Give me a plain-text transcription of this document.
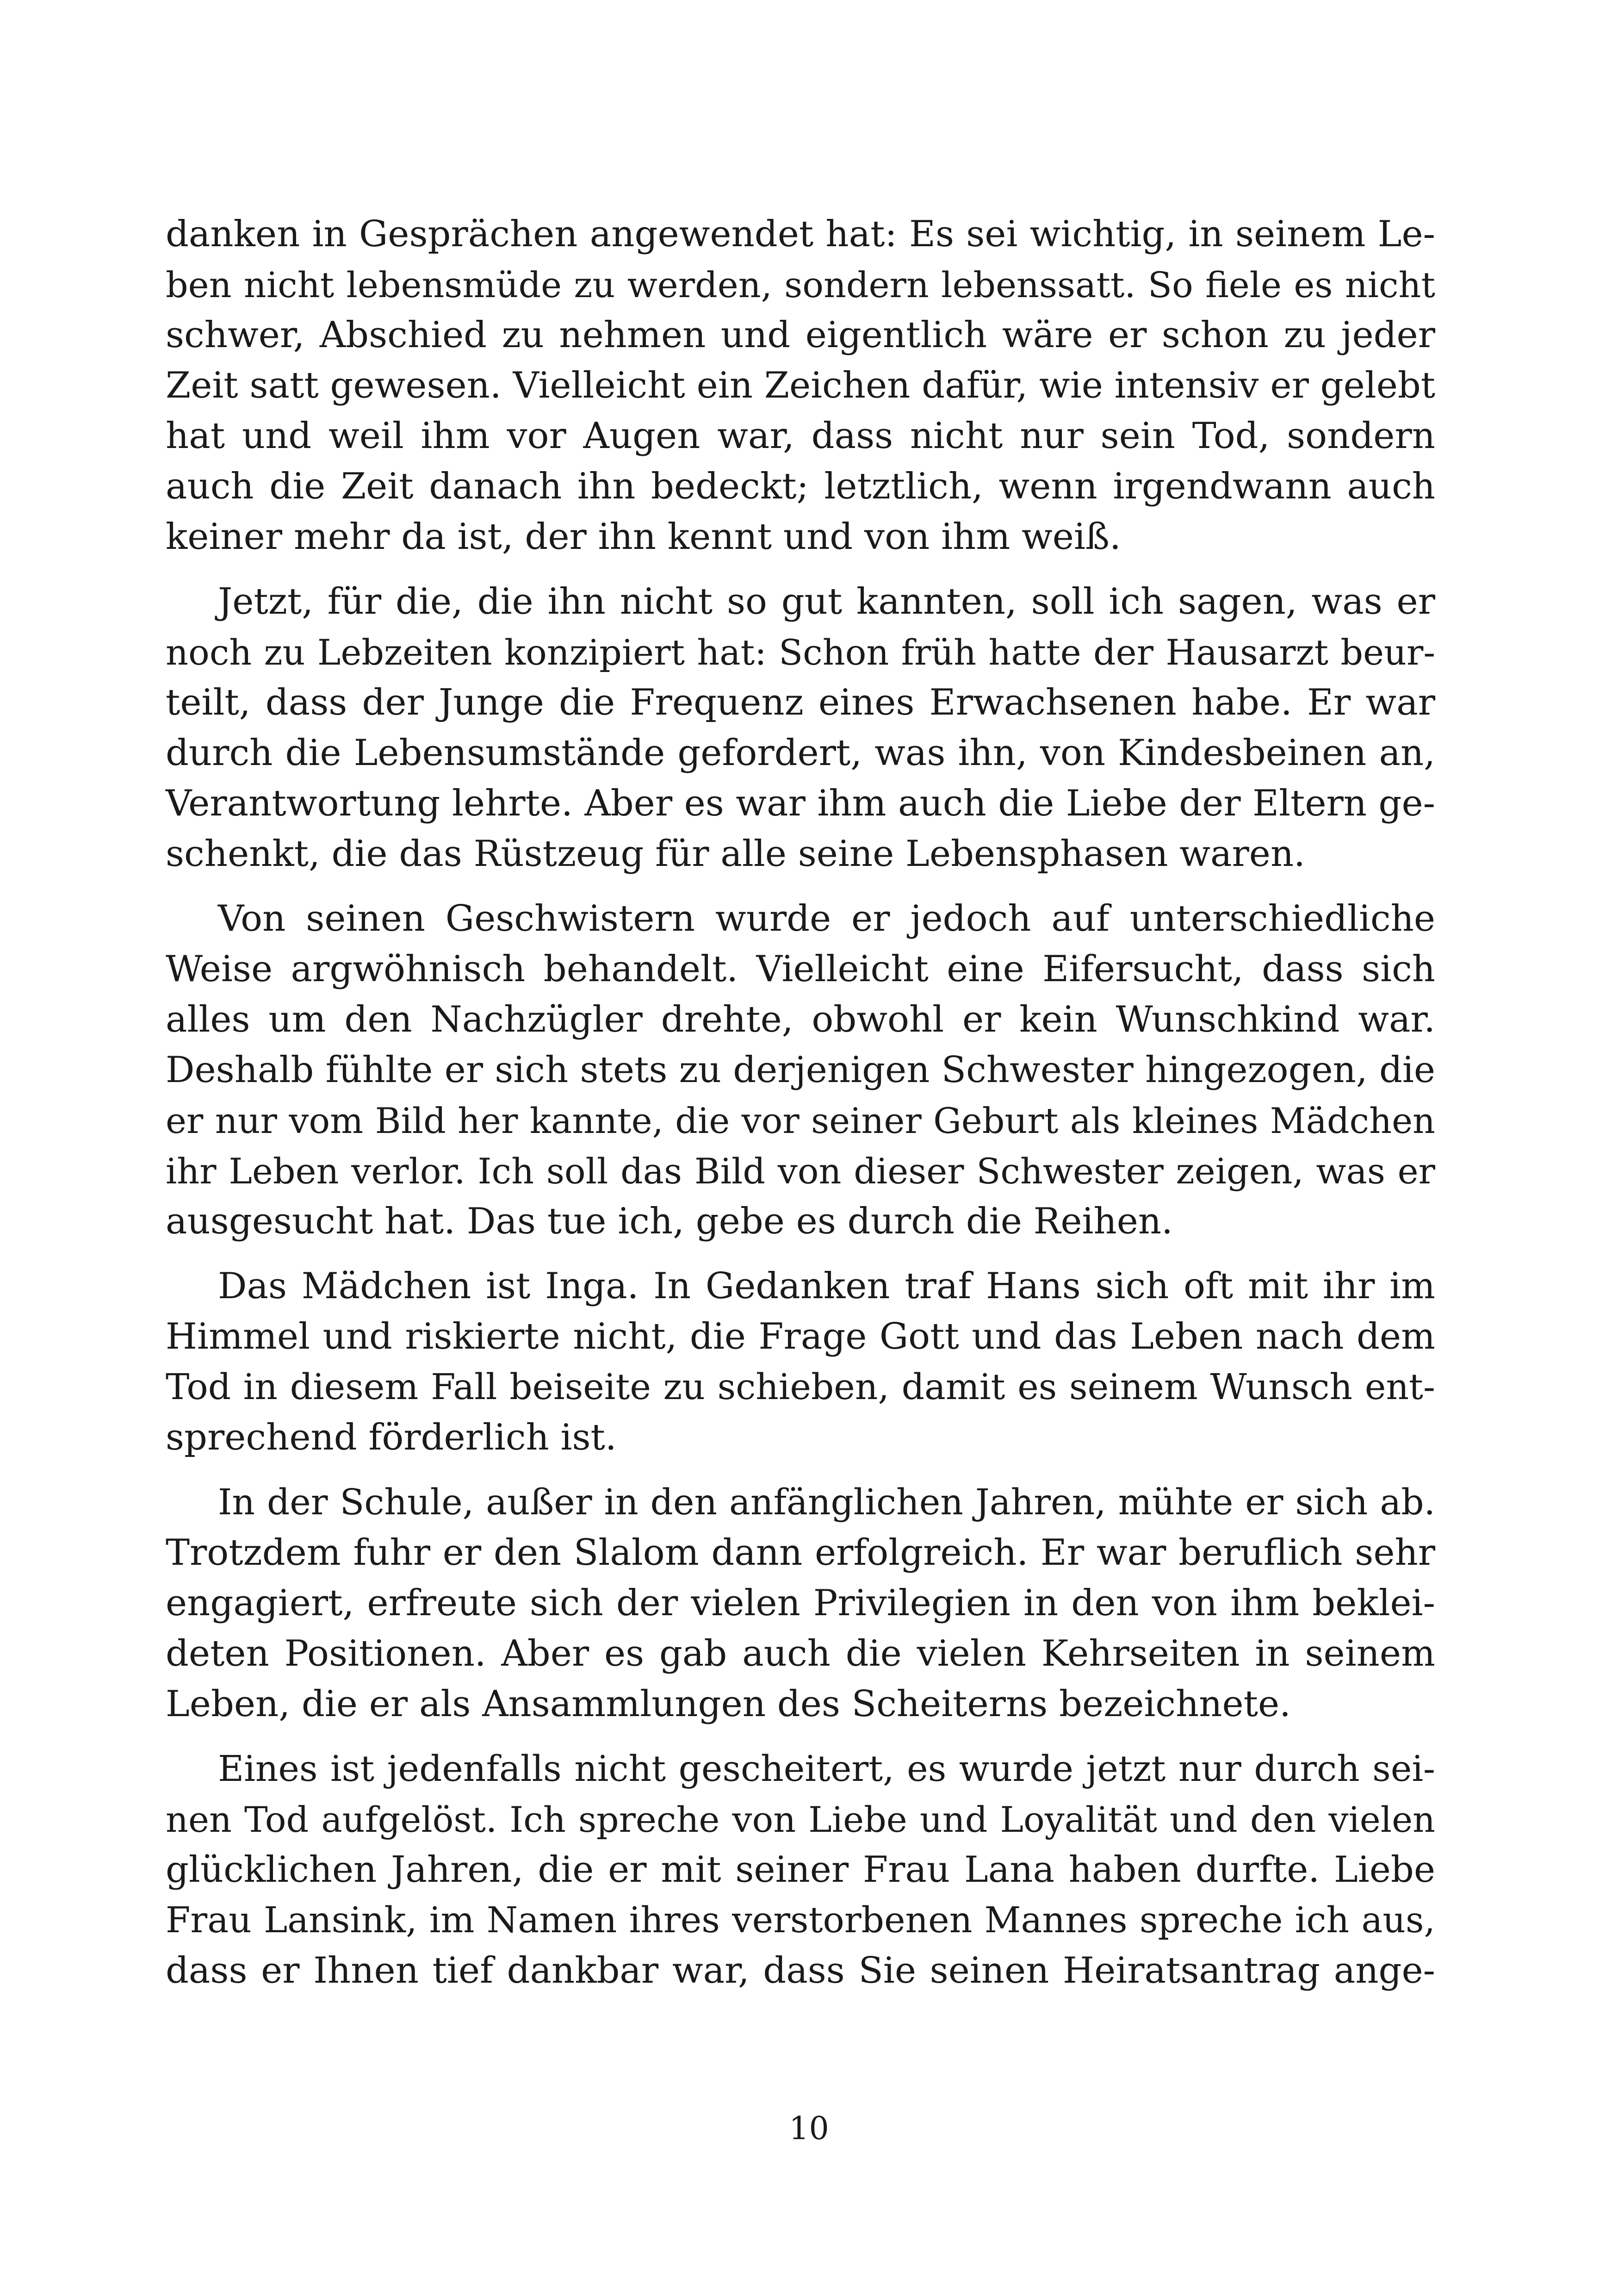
danken in Gesprächen angewendet hat: Es sei wichtig, in seinem Le-
ben nicht lebensmüde zu werden, sondern lebenssatt. So fiele es nicht
schwer, Abschied zu nehmen und eigentlich wäre er schon zu jeder
Zeit satt gewesen. Vielleicht ein Zeichen dafür, wie intensiv er gelebt
hat und weil ihm vor Augen war, dass nicht nur sein Tod, sondern
auch die Zeit danach ihn bedeckt; letztlich, wenn irgendwann auch
keiner mehr da ist, der ihn kennt und von ihm weiß.
Jetzt, für die, die ihn nicht so gut kannten, soll ich sagen, was er
noch zu Lebzeiten konzipiert hat: Schon früh hatte der Hausarzt beur-
teilt, dass der Junge die Frequenz eines Erwachsenen habe. Er war
durch die Lebensumstände gefordert, was ihn, von Kindesbeinen an,
Verantwortung lehrte. Aber es war ihm auch die Liebe der Eltern ge-
schenkt, die das Rüstzeug für alle seine Lebensphasen waren.
Von seinen Geschwistern wurde er jedoch auf unterschiedliche
Weise argwöhnisch behandelt. Vielleicht eine Eifersucht, dass sich
alles um den Nachzügler drehte, obwohl er kein Wunschkind war.
Deshalb fühlte er sich stets zu derjenigen Schwester hingezogen, die
er nur vom Bild her kannte, die vor seiner Geburt als kleines Mädchen
ihr Leben verlor. Ich soll das Bild von dieser Schwester zeigen, was er
ausgesucht hat. Das tue ich, gebe es durch die Reihen.
Das Mädchen ist Inga. In Gedanken traf Hans sich oft mit ihr im
Himmel und riskierte nicht, die Frage Gott und das Leben nach dem
Tod in diesem Fall beiseite zu schieben, damit es seinem Wunsch ent-
sprechend förderlich ist.
In der Schule, außer in den anfänglichen Jahren, mühte er sich ab.
Trotzdem fuhr er den Slalom dann erfolgreich. Er war beruflich sehr
engagiert, erfreute sich der vielen Privilegien in den von ihm beklei-
deten Positionen. Aber es gab auch die vielen Kehrseiten in seinem
Leben, die er als Ansammlungen des Scheiterns bezeichnete.
Eines ist jedenfalls nicht gescheitert, es wurde jetzt nur durch sei-
nen Tod aufgelöst. Ich spreche von Liebe und Loyalität und den vielen
glücklichen Jahren, die er mit seiner Frau Lana haben durfte. Liebe
Frau Lansink, im Namen ihres verstorbenen Mannes spreche ich aus,
dass er Ihnen tief dankbar war, dass Sie seinen Heiratsantrag ange-
10
